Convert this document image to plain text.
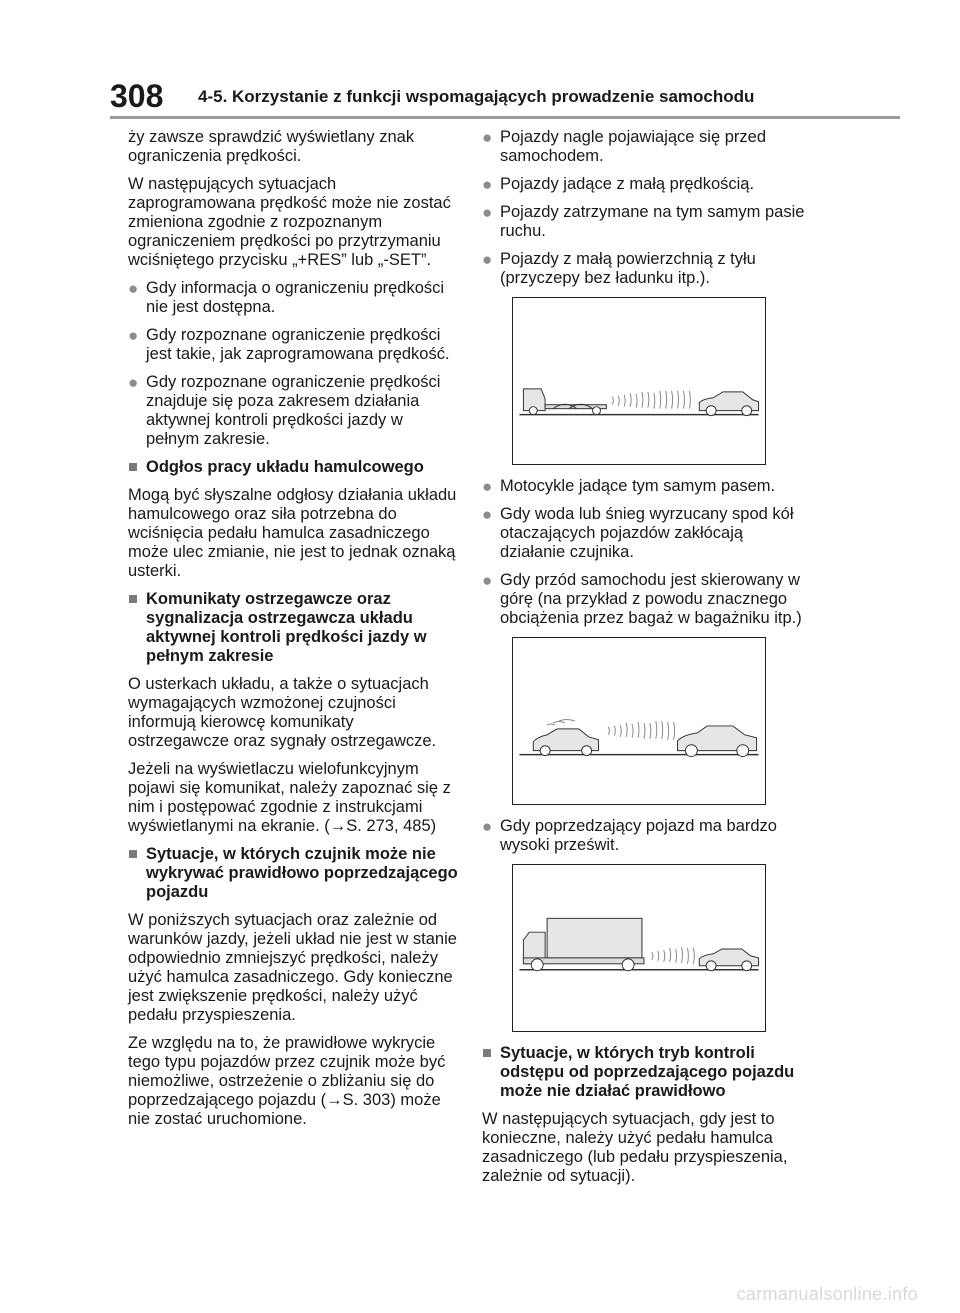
308 4-5. Korzystanie z funkcji wspomagających prowadzenie samochodu

ży zawsze sprawdzić wyświetlany znak ograniczenia prędkości.

W następujących sytuacjach zaprogramowana prędkość może nie zostać zmieniona zgodnie z rozpoznanym ograniczeniem prędkości po przytrzymaniu wciśniętego przycisku „+RES” lub „-SET”.

● Gdy informacja o ograniczeniu prędkości nie jest dostępna.

● Gdy rozpoznane ograniczenie prędkości jest takie, jak zaprogramowana prędkość.

● Gdy rozpoznane ograniczenie prędkości znajduje się poza zakresem działania aktywnej kontroli prędkości jazdy w pełnym zakresie.

■ Odgłos pracy układu hamulcowego

Mogą być słyszalne odgłosy działania układu hamulcowego oraz siła potrzebna do wciśnięcia pedału hamulca zasadniczego może ulec zmianie, nie jest to jednak oznaką usterki.

■ Komunikaty ostrzegawcze oraz sygnalizacja ostrzegawcza układu aktywnej kontroli prędkości jazdy w pełnym zakresie

O usterkach układu, a także o sytuacjach wymagających wzmożonej czujności informują kierowcę komunikaty ostrzegawcze oraz sygnały ostrzegawcze.

Jeżeli na wyświetlaczu wielofunkcyjnym pojawi się komunikat, należy zapoznać się z nim i postępować zgodnie z instrukcjami wyświetlanymi na ekranie. (→S. 273, 485)

■ Sytuacje, w których czujnik może nie wykrywać prawidłowo poprzedzającego pojazdu

W poniższych sytuacjach oraz zależnie od warunków jazdy, jeżeli układ nie jest w stanie odpowiednio zmniejszyć prędkości, należy użyć hamulca zasadniczego. Gdy konieczne jest zwiększenie prędkości, należy użyć pedału przyspieszenia.

Ze względu na to, że prawidłowe wykrycie tego typu pojazdów przez czujnik może być niemożliwe, ostrzeżenie o zbliżaniu się do poprzedzającego pojazdu (→S. 303) może nie zostać uruchomione.

● Pojazdy nagle pojawiające się przed samochodem.

● Pojazdy jadące z małą prędkością.

● Pojazdy zatrzymane na tym samym pasie ruchu.

● Pojazdy z małą powierzchnią z tyłu (przyczepy bez ładunku itp.).

● Motocykle jadące tym samym pasem.

● Gdy woda lub śnieg wyrzucany spod kół otaczających pojazdów zakłócają działanie czujnika.

● Gdy przód samochodu jest skierowany w górę (na przykład z powodu znacznego obciążenia przez bagaż w bagażniku itp.)

● Gdy poprzedzający pojazd ma bardzo wysoki prześwit.

■ Sytuacje, w których tryb kontroli odstępu od poprzedzającego pojazdu może nie działać prawidłowo

W następujących sytuacjach, gdy jest to konieczne, należy użyć pedału hamulca zasadniczego (lub pedału przyspieszenia, zależnie od sytuacji).

carmanualsonline.info
